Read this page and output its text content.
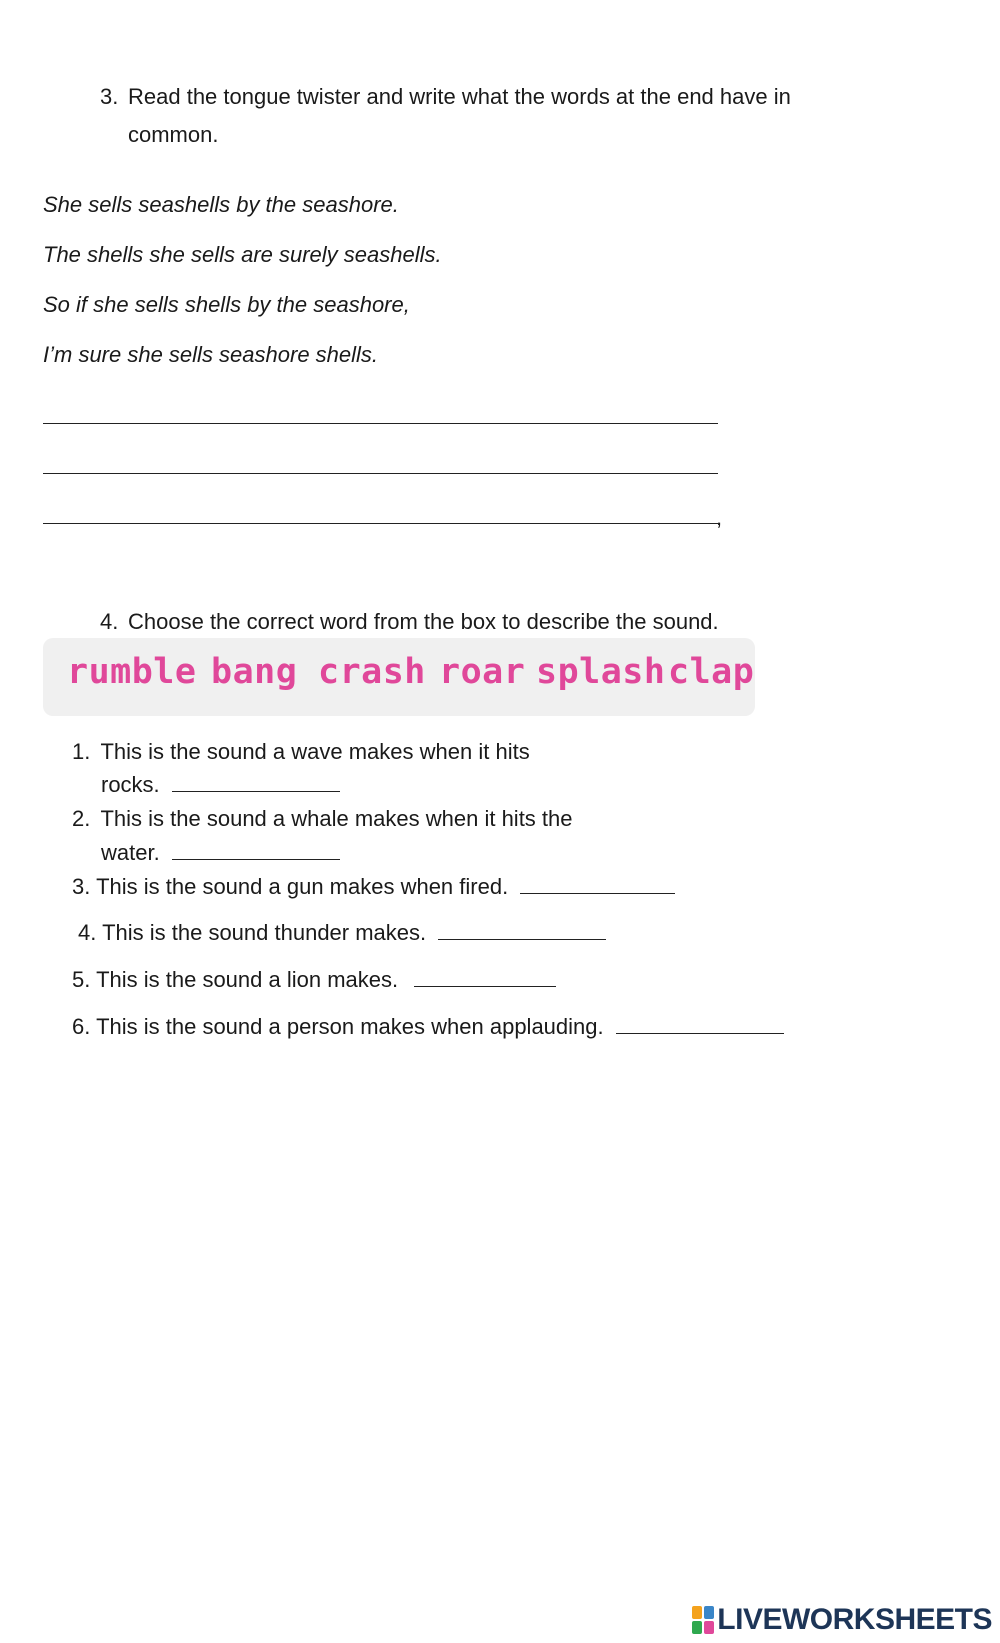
3. Read the tongue twister and write what the words at the end have in common.
She sells seashells by the seashore.
The shells she sells are surely seashells.
So if she sells shells by the seashore,
I’m sure she sells seashore shells.
,
4. Choose the correct word from the box to describe the sound.
rumble bang crash roar splash clap
1. This is the sound a wave makes when it hits
rocks.
2. This is the sound a whale makes when it hits the
water.
3. This is the sound a gun makes when fired.
4. This is the sound thunder makes.
5. This is the sound a lion makes.
6. This is the sound a person makes when applauding.
LIVEWORKSHEETS
